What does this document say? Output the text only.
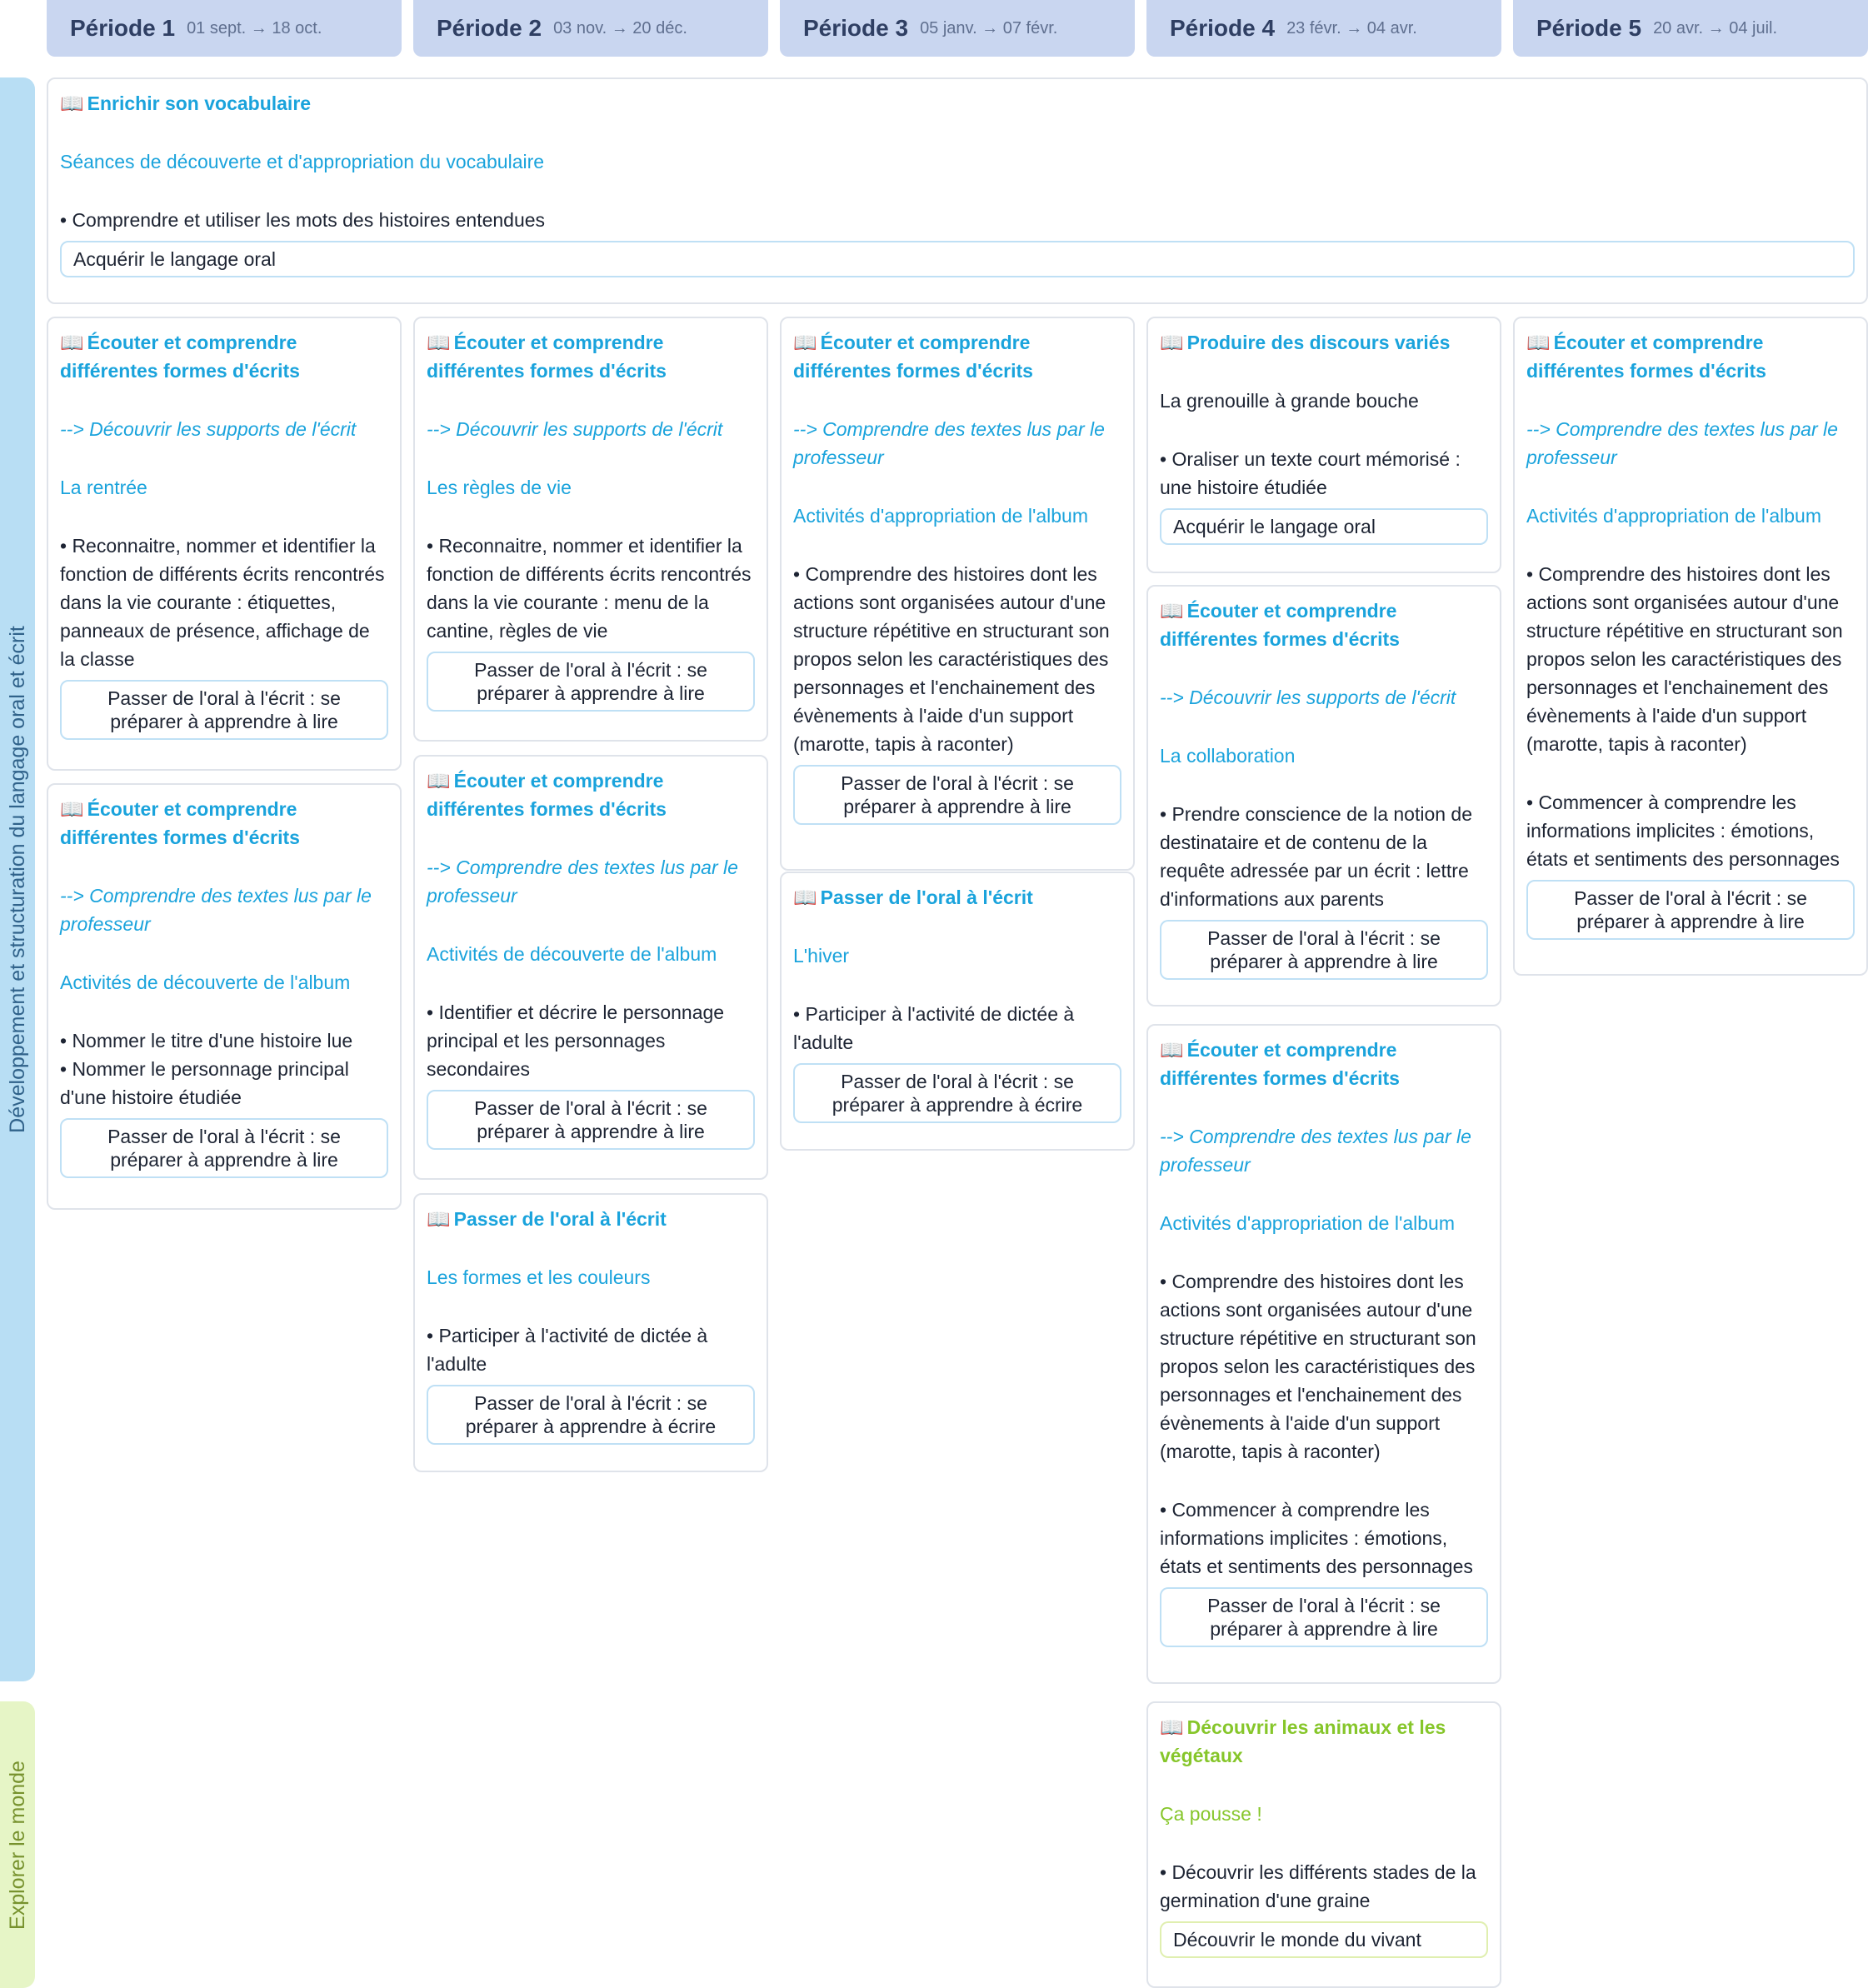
Période 1 01 sept. → 18 oct.	Période 2 03 nov. → 20 déc.	Période 3 05 janv. → 07 févr.	Période 4 23 févr. → 04 avr.	Période 5 20 avr. → 04 juil.
Développement et structuration du langage oral et écrit
Explorer le monde
📖 Enrichir son vocabulaire
Séances de découverte et d'appropriation du vocabulaire
• Comprendre et utiliser les mots des histoires entendues
Acquérir le langage oral
📖 Écouter et comprendre différentes formes d'écrits
--> Découvrir les supports de l'écrit
La rentrée
• Reconnaitre, nommer et identifier la fonction de différents écrits rencontrés dans la vie courante : étiquettes, panneaux de présence, affichage de la classe
Passer de l'oral à l'écrit : se préparer à apprendre à lire
📖 Écouter et comprendre différentes formes d'écrits
--> Comprendre des textes lus par le professeur
Activités de découverte de l'album
• Nommer le titre d'une histoire lue
• Nommer le personnage principal d'une histoire étudiée
Passer de l'oral à l'écrit : se préparer à apprendre à lire
📖 Écouter et comprendre différentes formes d'écrits
--> Découvrir les supports de l'écrit
Les règles de vie
• Reconnaitre, nommer et identifier la fonction de différents écrits rencontrés dans la vie courante : menu de la cantine, règles de vie
Passer de l'oral à l'écrit : se préparer à apprendre à lire
📖 Écouter et comprendre différentes formes d'écrits
--> Comprendre des textes lus par le professeur
Activités de découverte de l'album
• Identifier et décrire le personnage principal et les personnages secondaires
Passer de l'oral à l'écrit : se préparer à apprendre à lire
📖 Passer de l'oral à l'écrit
Les formes et les couleurs
• Participer à l'activité de dictée à l'adulte
Passer de l'oral à l'écrit : se préparer à apprendre à écrire
📖 Écouter et comprendre différentes formes d'écrits
--> Comprendre des textes lus par le professeur
Activités d'appropriation de l'album
• Comprendre des histoires dont les actions sont organisées autour d'une structure répétitive en structurant son propos selon les caractéristiques des personnages et l'enchainement des évènements à l'aide d'un support (marotte, tapis à raconter)
Passer de l'oral à l'écrit : se préparer à apprendre à lire
📖 Passer de l'oral à l'écrit
L'hiver
• Participer à l'activité de dictée à l'adulte
Passer de l'oral à l'écrit : se préparer à apprendre à écrire
📖 Produire des discours variés
La grenouille à grande bouche
• Oraliser un texte court mémorisé : une histoire étudiée
Acquérir le langage oral
📖 Écouter et comprendre différentes formes d'écrits
--> Découvrir les supports de l'écrit
La collaboration
• Prendre conscience de la notion de destinataire et de contenu de la requête adressée par un écrit : lettre d'informations aux parents
Passer de l'oral à l'écrit : se préparer à apprendre à lire
📖 Écouter et comprendre différentes formes d'écrits
--> Comprendre des textes lus par le professeur
Activités d'appropriation de l'album
• Comprendre des histoires dont les actions sont organisées autour d'une structure répétitive en structurant son propos selon les caractéristiques des personnages et l'enchainement des évènements à l'aide d'un support (marotte, tapis à raconter)
• Commencer à comprendre les informations implicites : émotions, états et sentiments des personnages
Passer de l'oral à l'écrit : se préparer à apprendre à lire
📖 Découvrir les animaux et les végétaux
Ça pousse !
• Découvrir les différents stades de la germination d'une graine
Découvrir le monde du vivant
📖 Écouter et comprendre différentes formes d'écrits
--> Comprendre des textes lus par le professeur
Activités d'appropriation de l'album
• Comprendre des histoires dont les actions sont organisées autour d'une structure répétitive en structurant son propos selon les caractéristiques des personnages et l'enchainement des évènements à l'aide d'un support (marotte, tapis à raconter)
• Commencer à comprendre les informations implicites : émotions, états et sentiments des personnages
Passer de l'oral à l'écrit : se préparer à apprendre à lire
